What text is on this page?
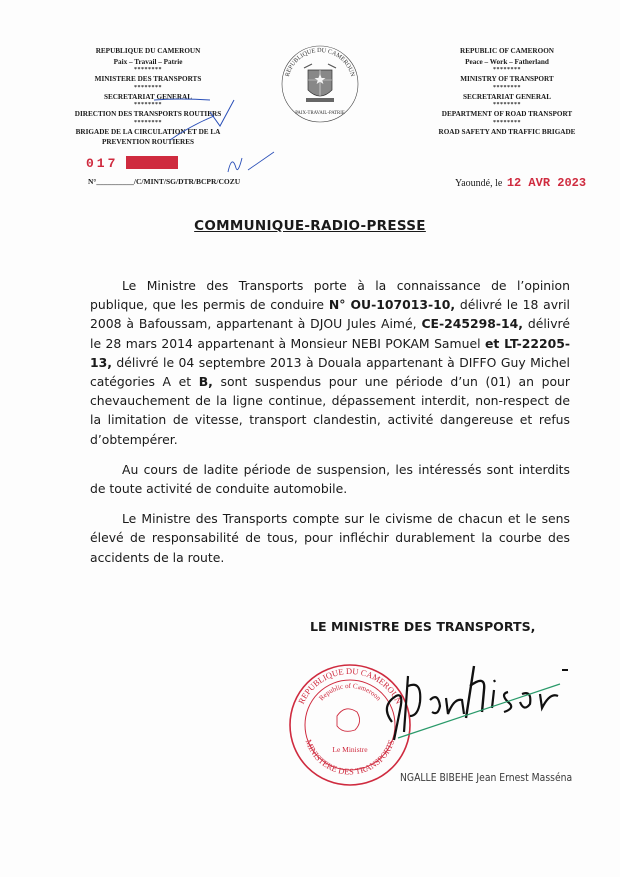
REPUBLIQUE DU CAMEROUN
Paix – Travail – Patrie
********
MINISTERE DES TRANSPORTS
********
SECRETARIAT GENERAL
********
DIRECTION DES TRANSPORTS ROUTIERS
********
BRIGADE DE LA CIRCULATION ET DE LA PREVENTION ROUTIERES
REPUBLIQUE DU CAMEROUN
PAIX-TRAVAIL-PATRIE
REPUBLIC OF CAMEROON
Peace – Work – Fatherland
********
MINISTRY OF TRANSPORT
********
SECRETARIAT GENERAL
********
DEPARTMENT OF ROAD TRANSPORT
********
ROAD SAFETY AND TRAFFIC BRIGADE
017
N°__________/C/MINT/SG/DTR/BCPR/COZU	Yaoundé, le 12 AVR 2023
COMMUNIQUE-RADIO-PRESSE

Le Ministre des Transports porte à la connaissance de l’opinion publique, que les permis de conduire N° OU-107013-10, délivré le 18 avril 2008 à Bafoussam, appartenant à DJOU Jules Aimé, CE-245298-14, délivré le 28 mars 2014 appartenant à Monsieur NEBI POKAM Samuel et LT-22205-13, délivré le 04 septembre 2013 à Douala appartenant à DIFFO Guy Michel catégories A et B, sont suspendus pour une période d’un (01) an pour chevauchement de la ligne continue, dépassement interdit, non-respect de la limitation de vitesse, transport clandestin, activité dangereuse et refus d’obtempérer.

Au cours de ladite période de suspension, les intéressés sont interdits de toute activité de conduite automobile.

Le Ministre des Transports compte sur le civisme de chacun et le sens élevé de responsabilité de tous, pour infléchir durablement la courbe des accidents de la route.

LE MINISTRE DES TRANSPORTS,
REPUBLIQUE DU CAMEROUN
Republic of Cameroon
MINISTERE DES TRANSPORTS
Le Ministre
NGALLE BIBEHE Jean Ernest Masséna
